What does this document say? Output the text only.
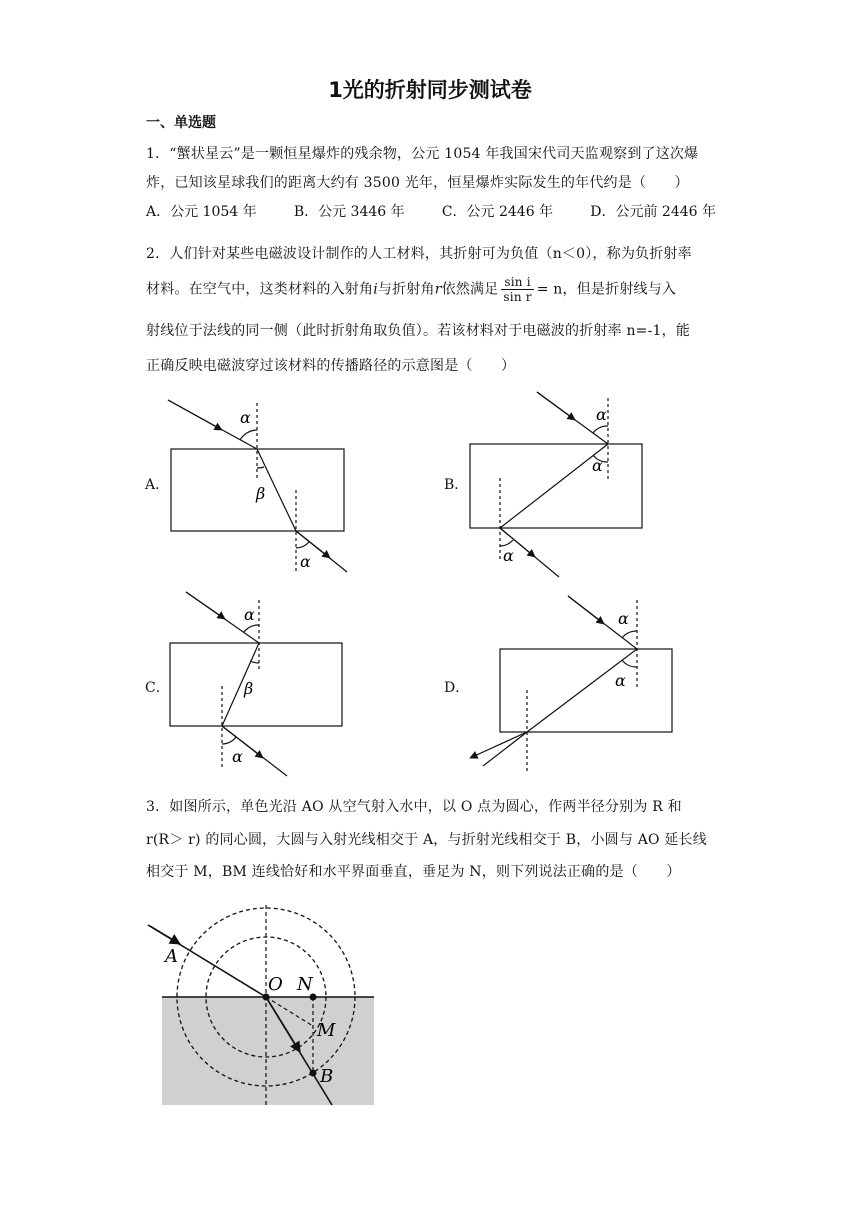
1光的折射同步测试卷
一、单选题
1．“蟹状星云”是一颗恒星爆炸的残余物，公元 1054 年我国宋代司天监观察到了这次爆
炸，已知该星球我们的距离大约有 3500 光年，恒星爆炸实际发生的年代约是（　　）
A．公元 1054 年	B．公元 3446 年	C．公元 2446 年	D．公元前 2446 年
2．人们针对某些电磁波设计制作的人工材料，其折射可为负值（n＜0），称为负折射率
材料。在空气中，这类材料的入射角i与折射角r依然满足 $\frac{\text{sin i}}{\text{sin r}} = n$，但是折射线与入
射线位于法线的同一侧（此时折射角取负值）。若该材料对于电磁波的折射率 n=-1，能
正确反映电磁波穿过该材料的传播路径的示意图是（　　）
A．	B．
C．	D．
α
β
α
α
α
α
α
β
α
α
α
A
O N
M
B
3．如图所示，单色光沿 AO 从空气射入水中，以 O 点为圆心，作两半径分别为 R 和
r(R＞ r) 的同心圆，大圆与入射光线相交于 A，与折射光线相交于 B，小圆与 AO 延长线
相交于 M，BM 连线恰好和水平界面垂直，垂足为 N，则下列说法正确的是（　　）
